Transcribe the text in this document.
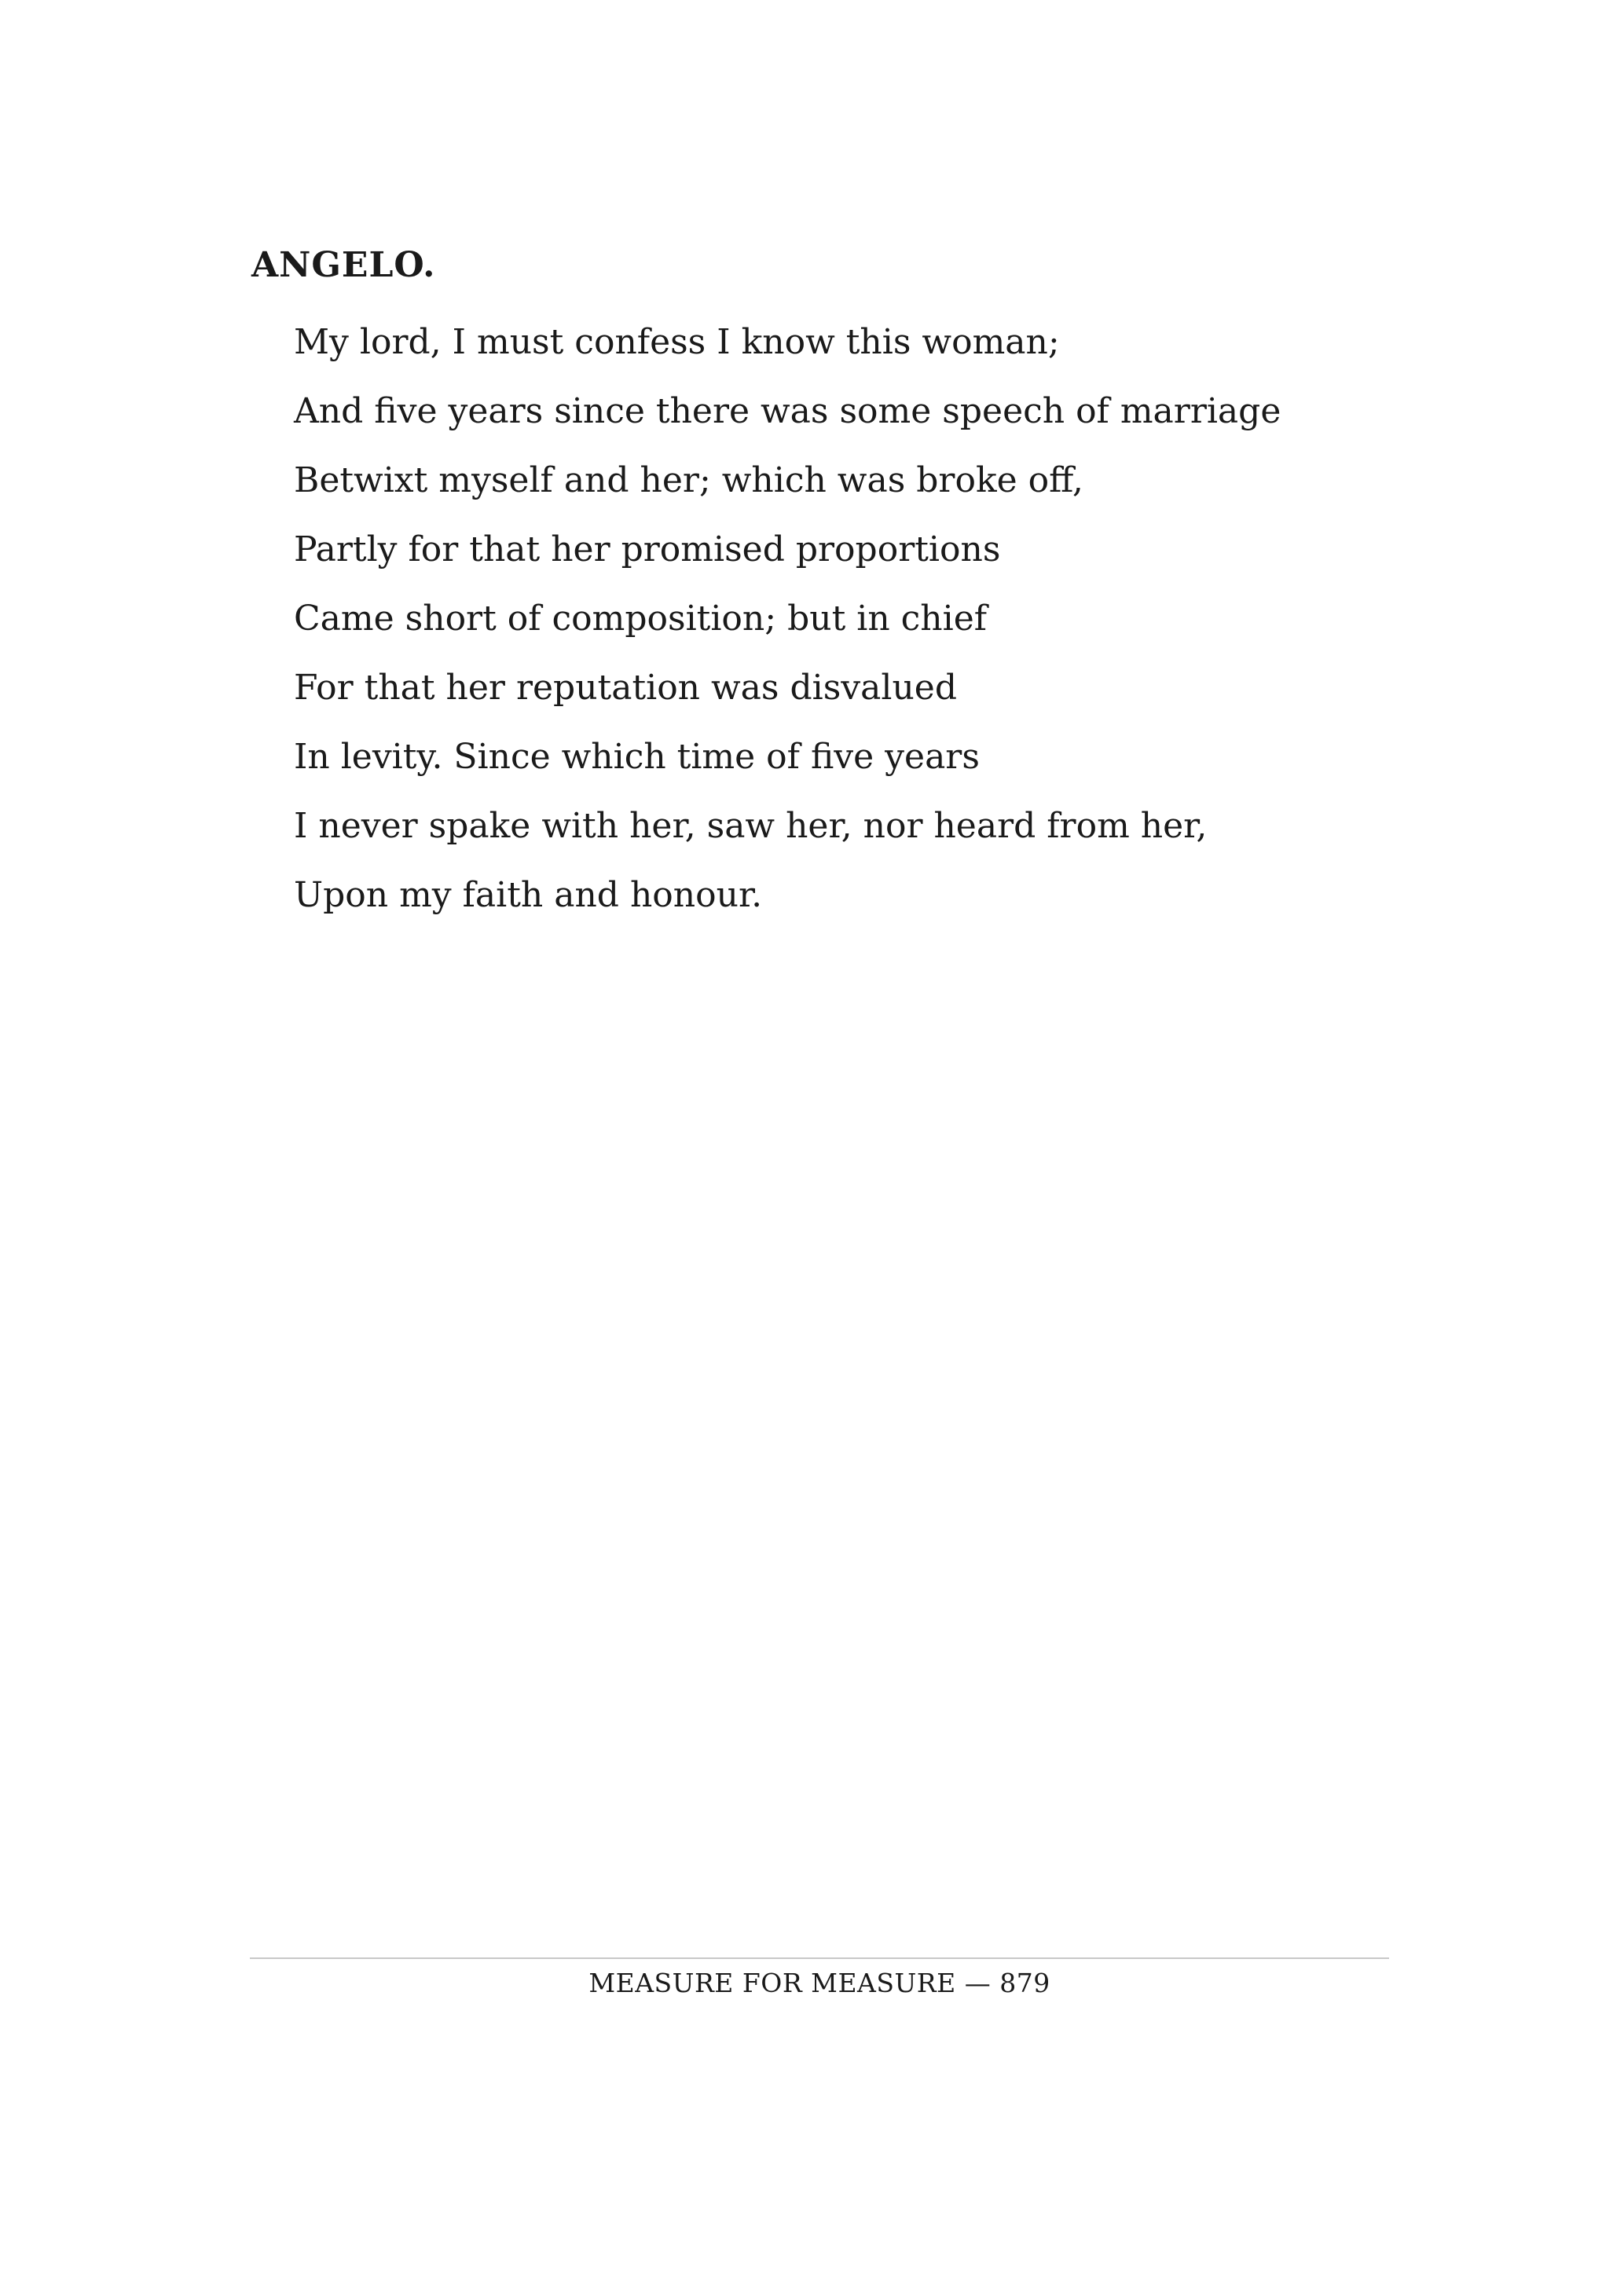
ANGELO.
My lord, I must confess I know this woman;
And five years since there was some speech of marriage
Betwixt myself and her; which was broke off,
Partly for that her promised proportions
Came short of composition; but in chief
For that her reputation was disvalued
In levity. Since which time of five years
I never spake with her, saw her, nor heard from her,
Upon my faith and honour.
MEASURE FOR MEASURE — 879
